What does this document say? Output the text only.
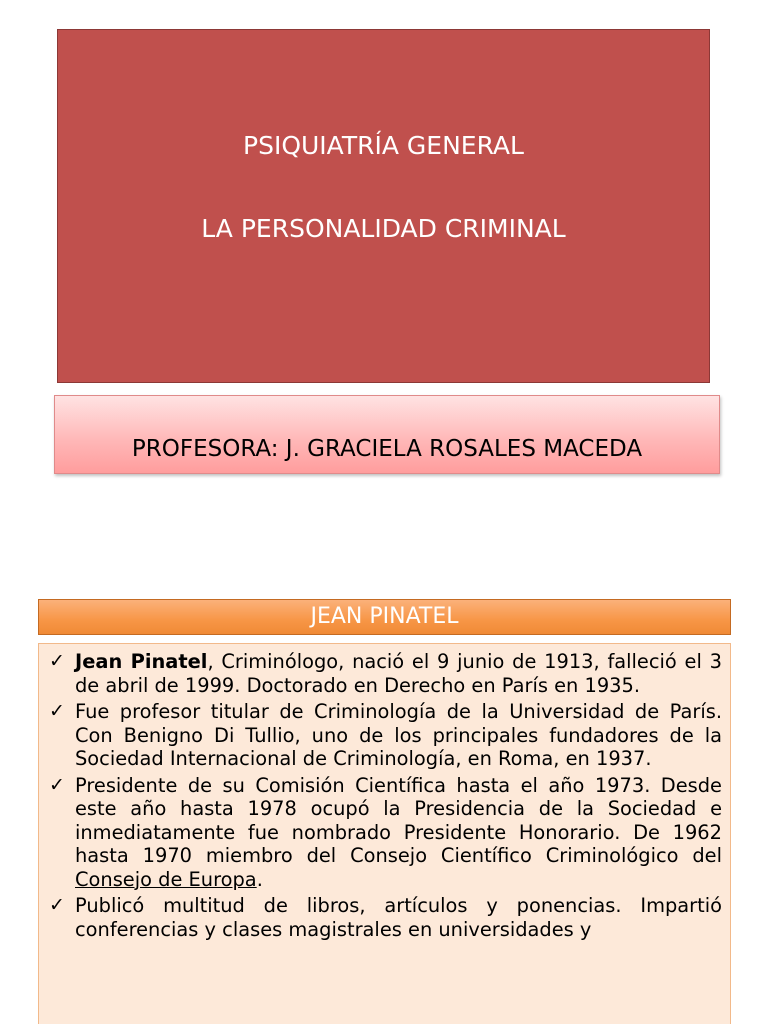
PSIQUIATRÍA GENERAL
LA PERSONALIDAD CRIMINAL
PROFESORA: J. GRACIELA ROSALES MACEDA
JEAN PINATEL
✓ Jean Pinatel, Criminólogo, nació el 9 junio de 1913, falleció el 3 de abril de 1999. Doctorado en Derecho en París en 1935.
✓ Fue profesor titular de Criminología de la Universidad de París. Con Benigno Di Tullio, uno de los principales fundadores de la Sociedad Internacional de Criminología, en Roma, en 1937.
✓ Presidente de su Comisión Científica hasta el año 1973. Desde este año hasta 1978 ocupó la Presidencia de la Sociedad e inmediatamente fue nombrado Presidente Honorario. De 1962 hasta 1970 miembro del Consejo Científico Criminológico del Consejo de Europa.
✓ Publicó multitud de libros, artículos y ponencias. Impartió conferencias y clases magistrales en universidades y
